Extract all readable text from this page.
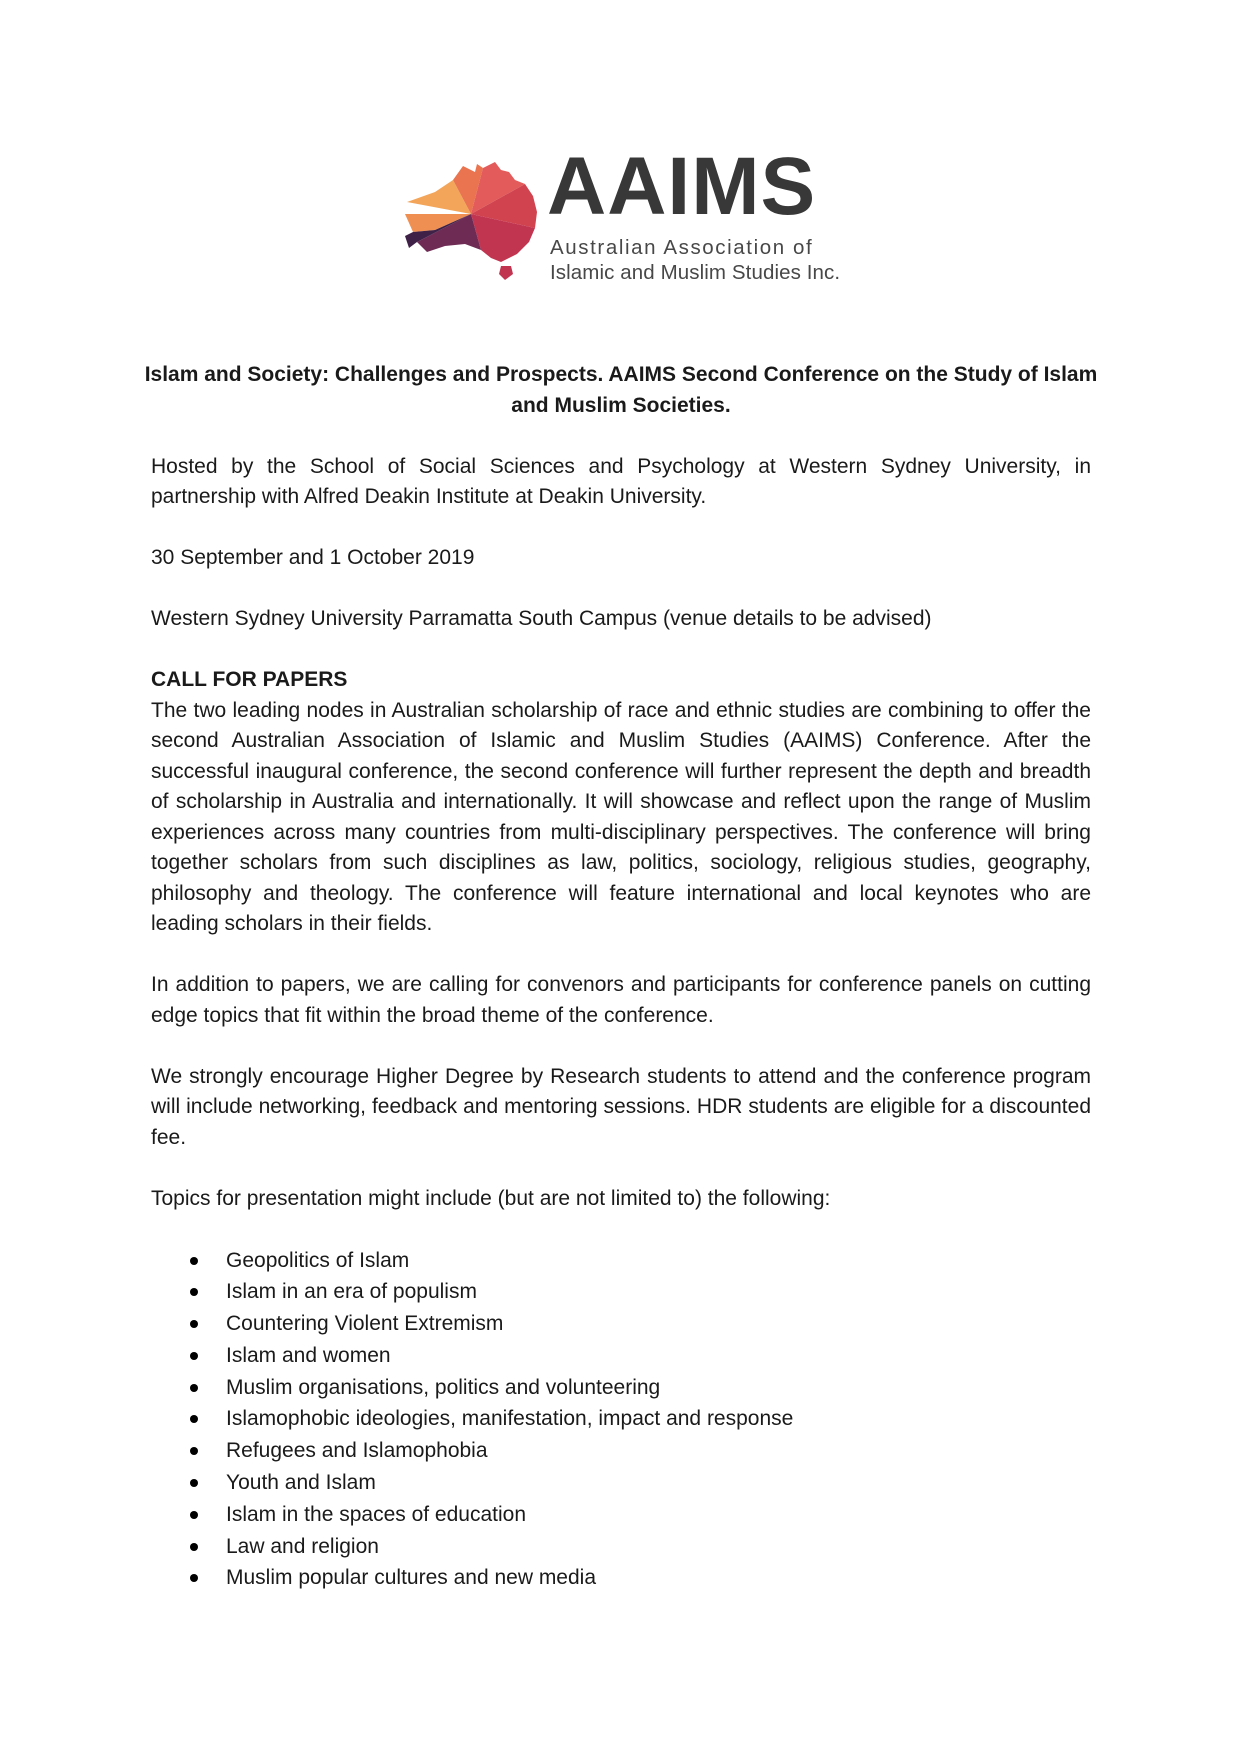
AAIMS
Australian Association of
Islamic and Muslim Studies Inc.

Islam and Society: Challenges and Prospects. AAIMS Second Conference on the Study of Islam and Muslim Societies.

Hosted by the School of Social Sciences and Psychology at Western Sydney University, in partnership with Alfred Deakin Institute at Deakin University.

30 September and 1 October 2019

Western Sydney University Parramatta South Campus (venue details to be advised)

CALL FOR PAPERS

The two leading nodes in Australian scholarship of race and ethnic studies are combining to offer the second Australian Association of Islamic and Muslim Studies (AAIMS) Conference. After the successful inaugural conference, the second conference will further represent the depth and breadth of scholarship in Australia and internationally. It will showcase and reflect upon the range of Muslim experiences across many countries from multi-disciplinary perspectives. The conference will bring together scholars from such disciplines as law, politics, sociology, religious studies, geography, philosophy and theology. The conference will feature international and local keynotes who are leading scholars in their fields.

In addition to papers, we are calling for convenors and participants for conference panels on cutting edge topics that fit within the broad theme of the conference.

We strongly encourage Higher Degree by Research students to attend and the conference program will include networking, feedback and mentoring sessions. HDR students are eligible for a discounted fee.

Topics for presentation might include (but are not limited to) the following:

Geopolitics of Islam
Islam in an era of populism
Countering Violent Extremism
Islam and women
Muslim organisations, politics and volunteering
Islamophobic ideologies, manifestation, impact and response
Refugees and Islamophobia
Youth and Islam
Islam in the spaces of education
Law and religion
Muslim popular cultures and new media
